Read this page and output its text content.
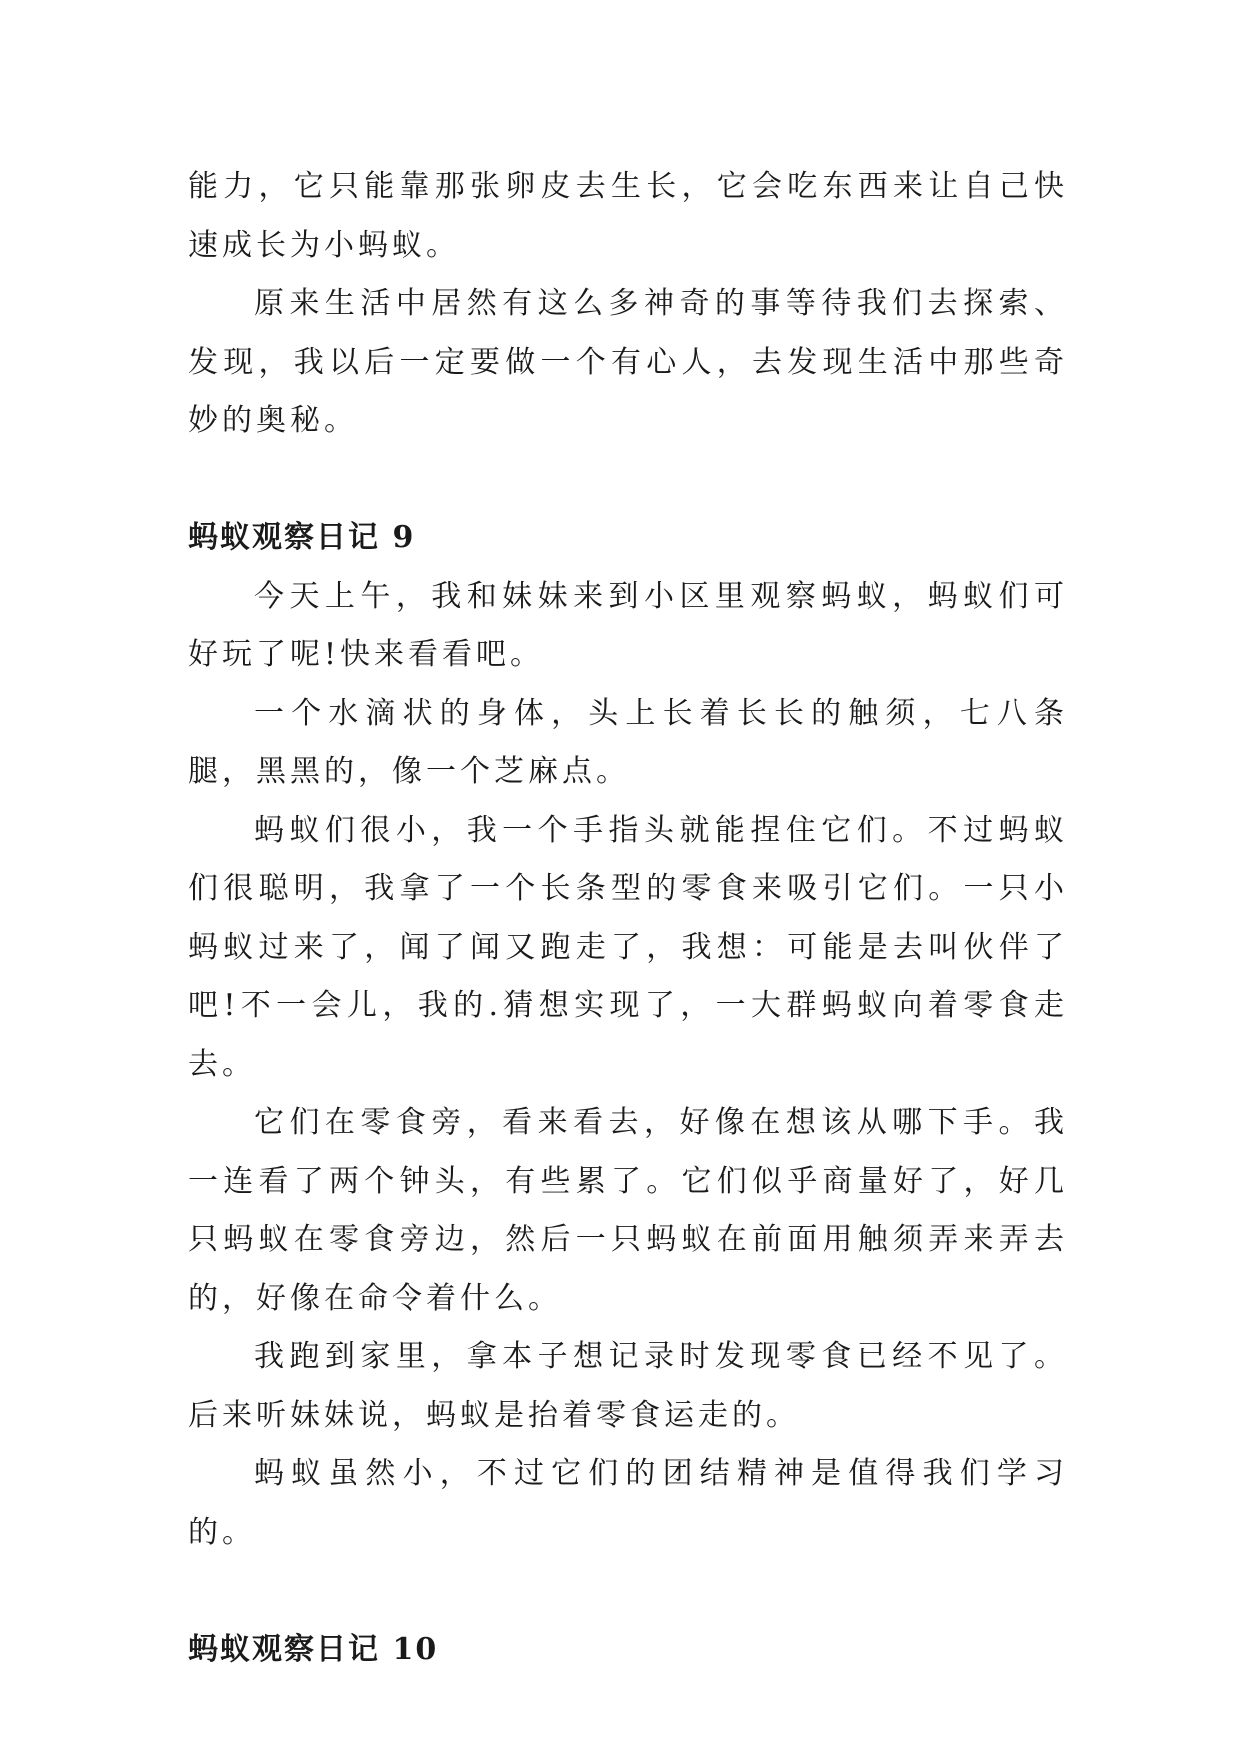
能力，它只能靠那张卵皮去生长，它会吃东西来让自己快速成长为小蚂蚁。

原来生活中居然有这么多神奇的事等待我们去探索、发现，我以后一定要做一个有心人，去发现生活中那些奇妙的奥秘。

蚂蚁观察日记 9

今天上午，我和妹妹来到小区里观察蚂蚁，蚂蚁们可好玩了呢!快来看看吧。

一个水滴状的身体，头上长着长长的触须，七八条腿，黑黑的，像一个芝麻点。

蚂蚁们很小，我一个手指头就能捏住它们。不过蚂蚁们很聪明，我拿了一个长条型的零食来吸引它们。一只小蚂蚁过来了，闻了闻又跑走了，我想：可能是去叫伙伴了吧!不一会儿，我的.猜想实现了，一大群蚂蚁向着零食走去。

它们在零食旁，看来看去，好像在想该从哪下手。我一连看了两个钟头，有些累了。它们似乎商量好了，好几只蚂蚁在零食旁边，然后一只蚂蚁在前面用触须弄来弄去的，好像在命令着什么。

我跑到家里，拿本子想记录时发现零食已经不见了。后来听妹妹说，蚂蚁是抬着零食运走的。

蚂蚁虽然小，不过它们的团结精神是值得我们学习的。

蚂蚁观察日记 10
